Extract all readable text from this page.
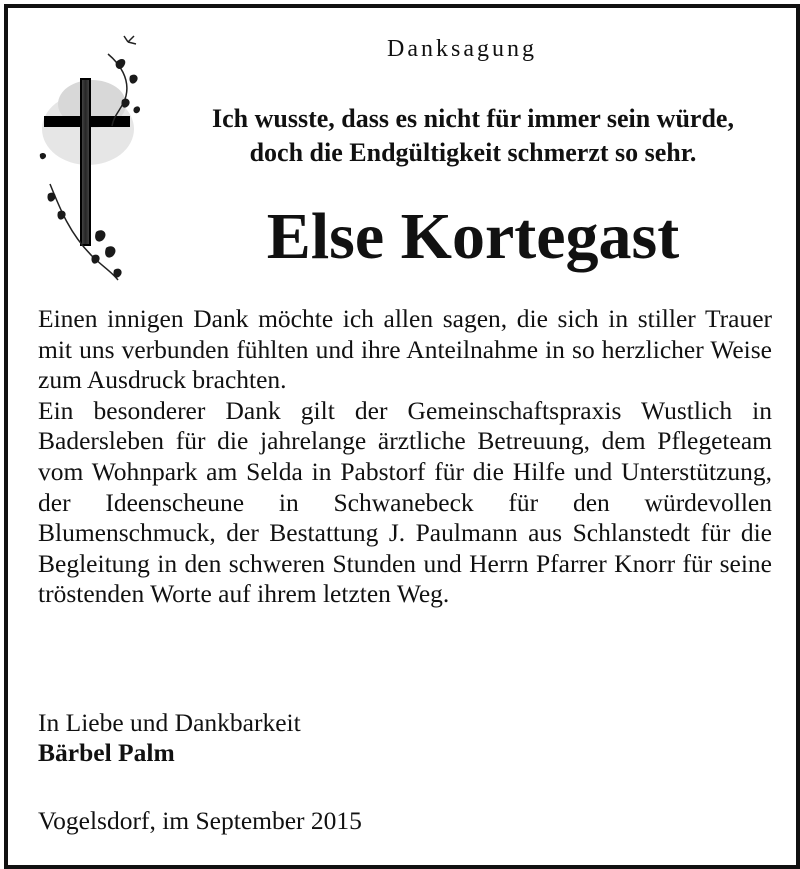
Danksagung
Ich wusste, dass es nicht für immer sein würde,
doch die Endgültigkeit schmerzt so sehr.
Else Kortegast

Einen innigen Dank möchte ich allen sagen, die sich in stiller Trauer mit uns verbunden fühlten und ihre Anteilnahme in so herzlicher Weise zum Ausdruck brachten.

Ein besonderer Dank gilt der Gemeinschaftspraxis Wustlich in Badersleben für die jahrelange ärztliche Betreuung, dem Pflegeteam vom Wohnpark am Selda in Pabstorf für die Hilfe und Unterstützung, der Ideenscheune in Schwanebeck für den würdevollen Blumenschmuck, der Bestattung J. Paulmann aus Schlanstedt für die Begleitung in den schweren Stunden und Herrn Pfarrer Knorr für seine tröstenden Worte auf ihrem letzten Weg.

In Liebe und Dankbarkeit
Bärbel Palm
Vogelsdorf, im September 2015
